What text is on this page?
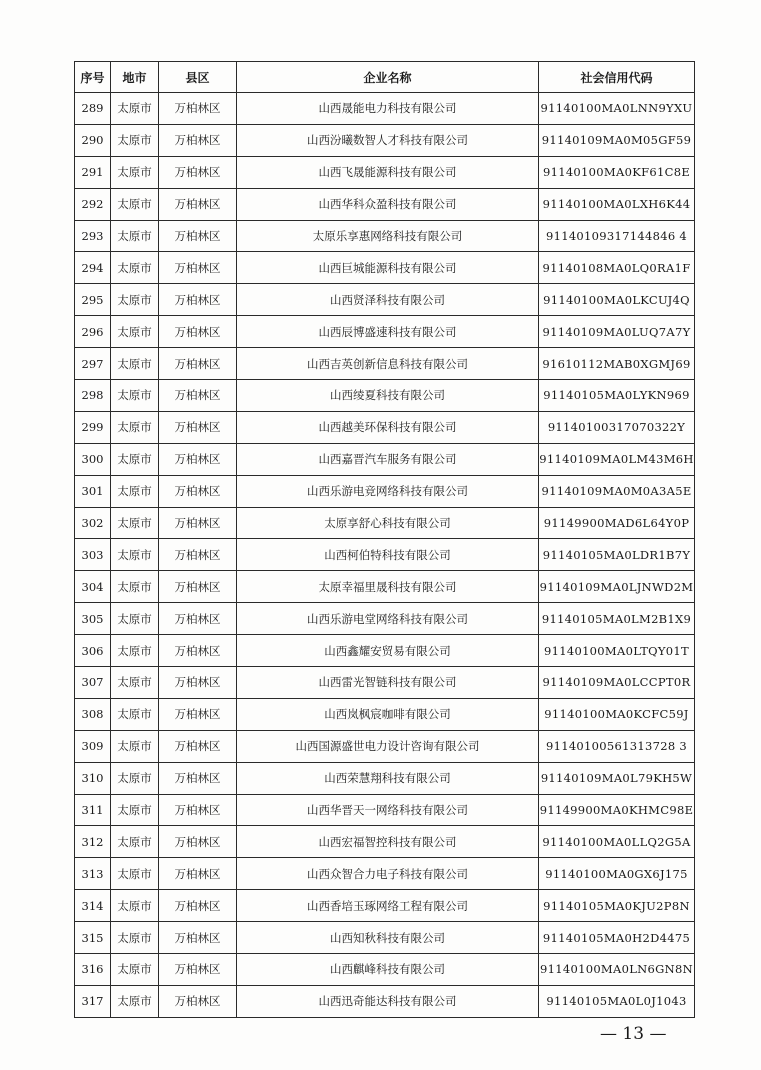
序号	地市	县区	企业名称	社会信用代码
289	太原市	万柏林区	山西晟能电力科技有限公司	91140100MA0LNN9YXU
290	太原市	万柏林区	山西汾曦数智人才科技有限公司	91140109MA0M05GF59
291	太原市	万柏林区	山西飞晟能源科技有限公司	91140100MA0KF61C8E
292	太原市	万柏林区	山西华科众盈科技有限公司	91140100MA0LXH6K44
293	太原市	万柏林区	太原乐享惠网络科技有限公司	91140109317144846 4
294	太原市	万柏林区	山西巨城能源科技有限公司	91140108MA0LQ0RA1F
295	太原市	万柏林区	山西贤泽科技有限公司	91140100MA0LKCUJ4Q
296	太原市	万柏林区	山西辰博盛速科技有限公司	91140109MA0LUQ7A7Y
297	太原市	万柏林区	山西吉英创新信息科技有限公司	91610112MAB0XGMJ69
298	太原市	万柏林区	山西绫夏科技有限公司	91140105MA0LYKN969
299	太原市	万柏林区	山西越美环保科技有限公司	91140100317070322Y
300	太原市	万柏林区	山西嘉晋汽车服务有限公司	91140109MA0LM43M6H
301	太原市	万柏林区	山西乐游电竞网络科技有限公司	91140109MA0M0A3A5E
302	太原市	万柏林区	太原享舒心科技有限公司	91149900MAD6L64Y0P
303	太原市	万柏林区	山西柯伯特科技有限公司	91140105MA0LDR1B7Y
304	太原市	万柏林区	太原幸福里晟科技有限公司	91140109MA0LJNWD2M
305	太原市	万柏林区	山西乐游电堂网络科技有限公司	91140105MA0LM2B1X9
306	太原市	万柏林区	山西鑫耀安贸易有限公司	91140100MA0LTQY01T
307	太原市	万柏林区	山西雷光智链科技有限公司	91140109MA0LCCPT0R
308	太原市	万柏林区	山西岚枫宸咖啡有限公司	91140100MA0KCFC59J
309	太原市	万柏林区	山西国源盛世电力设计咨询有限公司	91140100561313728 3
310	太原市	万柏林区	山西荣慧翔科技有限公司	91140109MA0L79KH5W
311	太原市	万柏林区	山西华晋天一网络科技有限公司	91149900MA0KHMC98E
312	太原市	万柏林区	山西宏福智控科技有限公司	91140100MA0LLQ2G5A
313	太原市	万柏林区	山西众智合力电子科技有限公司	91140100MA0GX6J175
314	太原市	万柏林区	山西香培玉琢网络工程有限公司	91140105MA0KJU2P8N
315	太原市	万柏林区	山西知秋科技有限公司	91140105MA0H2D4475
316	太原市	万柏林区	山西麒峰科技有限公司	91140100MA0LN6GN8N
317	太原市	万柏林区	山西迅奇能达科技有限公司	91140105MA0L0J1043
— 13 —
